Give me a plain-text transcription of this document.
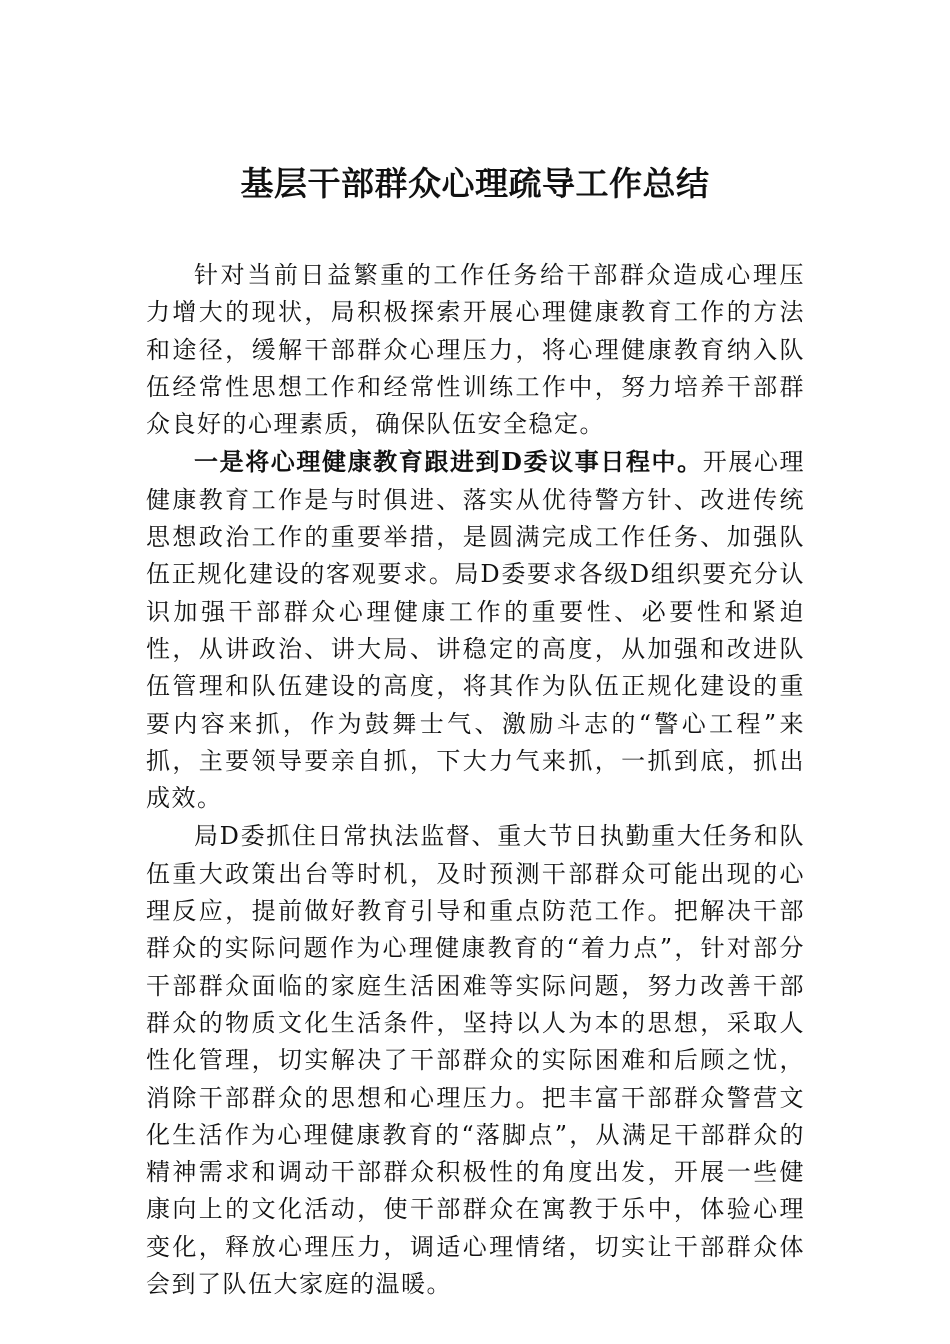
基层干部群众心理疏导工作总结

针对当前日益繁重的工作任务给干部群众造成心理压力增大的现状，局积极探索开展心理健康教育工作的方法和途径，缓解干部群众心理压力，将心理健康教育纳入队伍经常性思想工作和经常性训练工作中，努力培养干部群众良好的心理素质，确保队伍安全稳定。

一是将心理健康教育跟进到D委议事日程中。开展心理健康教育工作是与时俱进、落实从优待警方针、改进传统思想政治工作的重要举措，是圆满完成工作任务、加强队伍正规化建设的客观要求。局D委要求各级D组织要充分认识加强干部群众心理健康工作的重要性、必要性和紧迫性，从讲政治、讲大局、讲稳定的高度，从加强和改进队伍管理和队伍建设的高度，将其作为队伍正规化建设的重要内容来抓，作为鼓舞士气、激励斗志的“警心工程”来抓，主要领导要亲自抓，下大力气来抓，一抓到底，抓出成效。

局D委抓住日常执法监督、重大节日执勤重大任务和队伍重大政策出台等时机，及时预测干部群众可能出现的心理反应，提前做好教育引导和重点防范工作。把解决干部群众的实际问题作为心理健康教育的“着力点”，针对部分干部群众面临的家庭生活困难等实际问题，努力改善干部群众的物质文化生活条件，坚持以人为本的思想，采取人性化管理，切实解决了干部群众的实际困难和后顾之忧，消除干部群众的思想和心理压力。把丰富干部群众警营文化生活作为心理健康教育的“落脚点”，从满足干部群众的精神需求和调动干部群众积极性的角度出发，开展一些健康向上的文化活动，使干部群众在寓教于乐中，体验心理变化，释放心理压力，调适心理情绪，切实让干部群众体会到了队伍大家庭的温暖。
